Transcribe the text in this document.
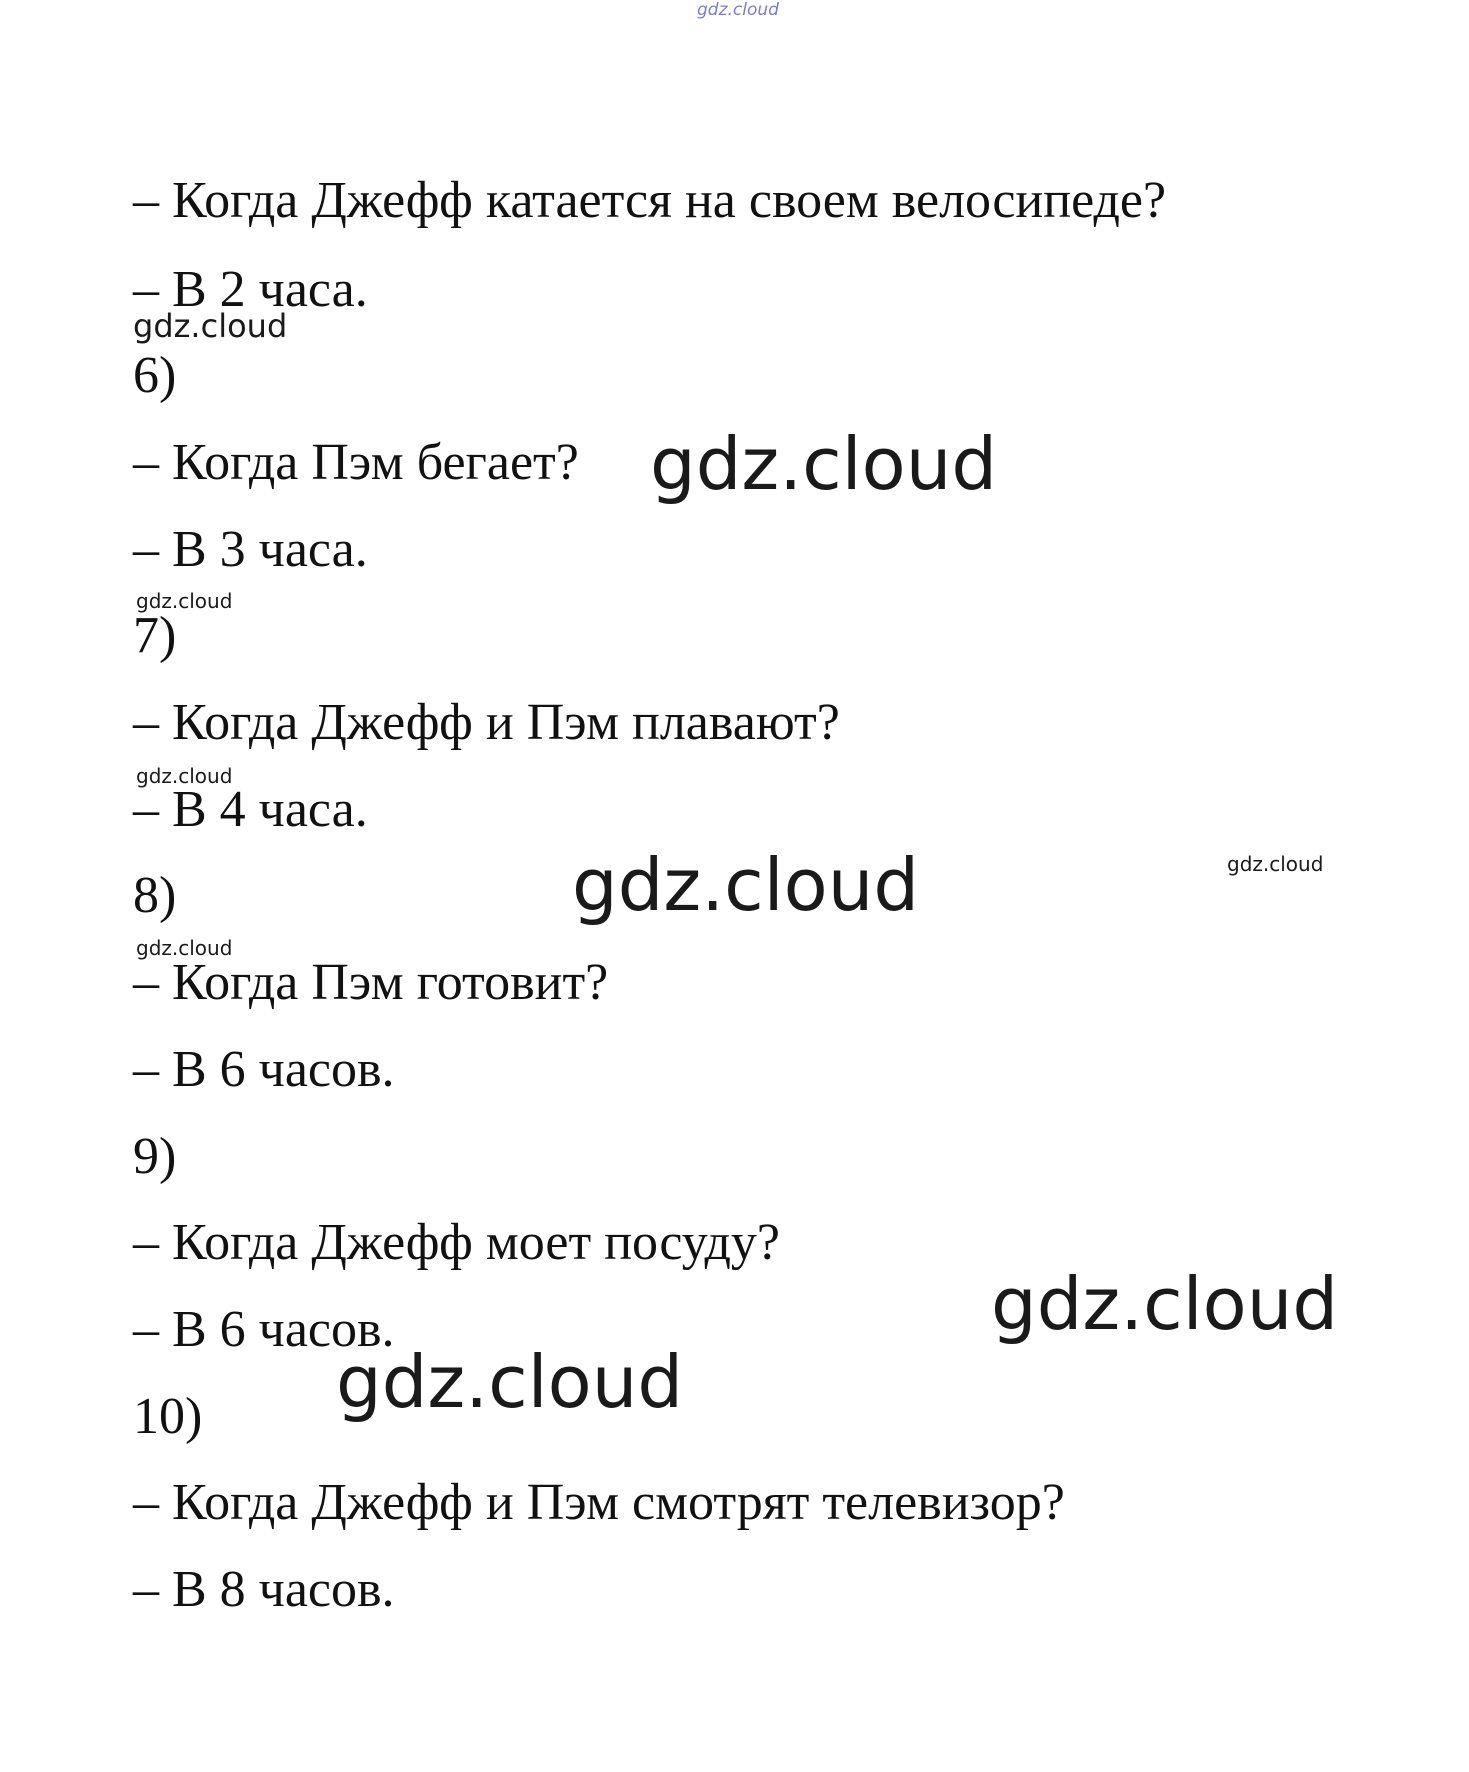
– Когда Джефф катается на своем велосипеде?
– В 2 часа.
6)
– Когда Пэм бегает?
– В 3 часа.
7)
– Когда Джефф и Пэм плавают?
– В 4 часа.
8)
– Когда Пэм готовит?
– В 6 часов.
9)
– Когда Джефф моет посуду?
– В 6 часов.
10)
– Когда Джефф и Пэм смотрят телевизор?
– В 8 часов.
gdz.cloud
gdz.cloud
gdz.cloud
gdz.cloud
gdz.cloud
gdz.cloud	gdz.cloud
gdz.cloud
gdz.cloud
gdz.cloud
